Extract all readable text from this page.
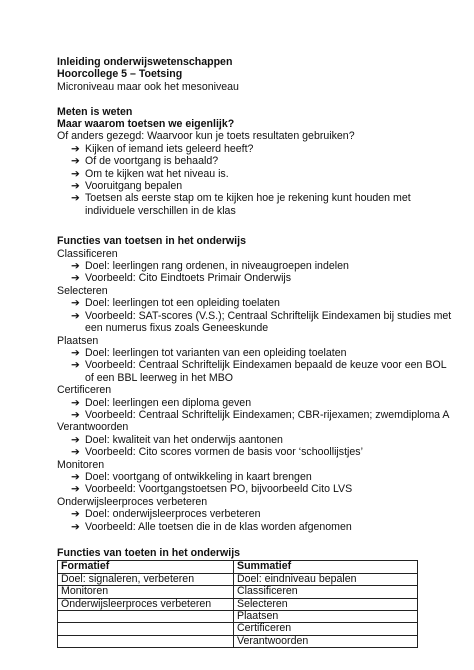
Inleiding onderwijswetenschappen
Hoorcollege 5 – Toetsing
Microniveau maar ook het mesoniveau
Meten is weten
Maar waarom toetsen we eigenlijk?
Of anders gezegd: Waarvoor kun je toets resultaten gebruiken?
➔ Kijken of iemand iets geleerd heeft?
➔ Of de voortgang is behaald?
➔ Om te kijken wat het niveau is.
➔ Vooruitgang bepalen
➔ Toetsen als eerste stap om te kijken hoe je rekening kunt houden met
individuele verschillen in de klas
Functies van toetsen in het onderwijs
Classificeren
➔ Doel: leerlingen rang ordenen, in niveaugroepen indelen
➔ Voorbeeld: Cito Eindtoets Primair Onderwijs
Selecteren
➔ Doel: leerlingen tot een opleiding toelaten
➔ Voorbeeld: SAT-scores (V.S.); Centraal Schriftelijk Eindexamen bij studies met
een numerus fixus zoals Geneeskunde
Plaatsen
➔ Doel: leerlingen tot varianten van een opleiding toelaten
➔ Voorbeeld: Centraal Schriftelijk Eindexamen bepaald de keuze voor een BOL
of een BBL leerweg in het MBO
Certificeren
➔ Doel: leerlingen een diploma geven
➔ Voorbeeld: Centraal Schriftelijk Eindexamen; CBR-rijexamen; zwemdiploma A
Verantwoorden
➔ Doel: kwaliteit van het onderwijs aantonen
➔ Voorbeeld: Cito scores vormen de basis voor ‘schoollijstjes’
Monitoren
➔ Doel: voortgang of ontwikkeling in kaart brengen
➔ Voorbeeld: Voortgangstoetsen PO, bijvoorbeeld Cito LVS
Onderwijsleerproces verbeteren
➔ Doel: onderwijsleerproces verbeteren
➔ Voorbeeld: Alle toetsen die in de klas worden afgenomen
Functies van toeten in het onderwijs
Formatief	Summatief
Doel: signaleren, verbeteren	Doel: eindniveau bepalen
Monitoren	Classificeren
Onderwijsleerproces verbeteren	Selecteren
	Plaatsen
	Certificeren
	Verantwoorden
